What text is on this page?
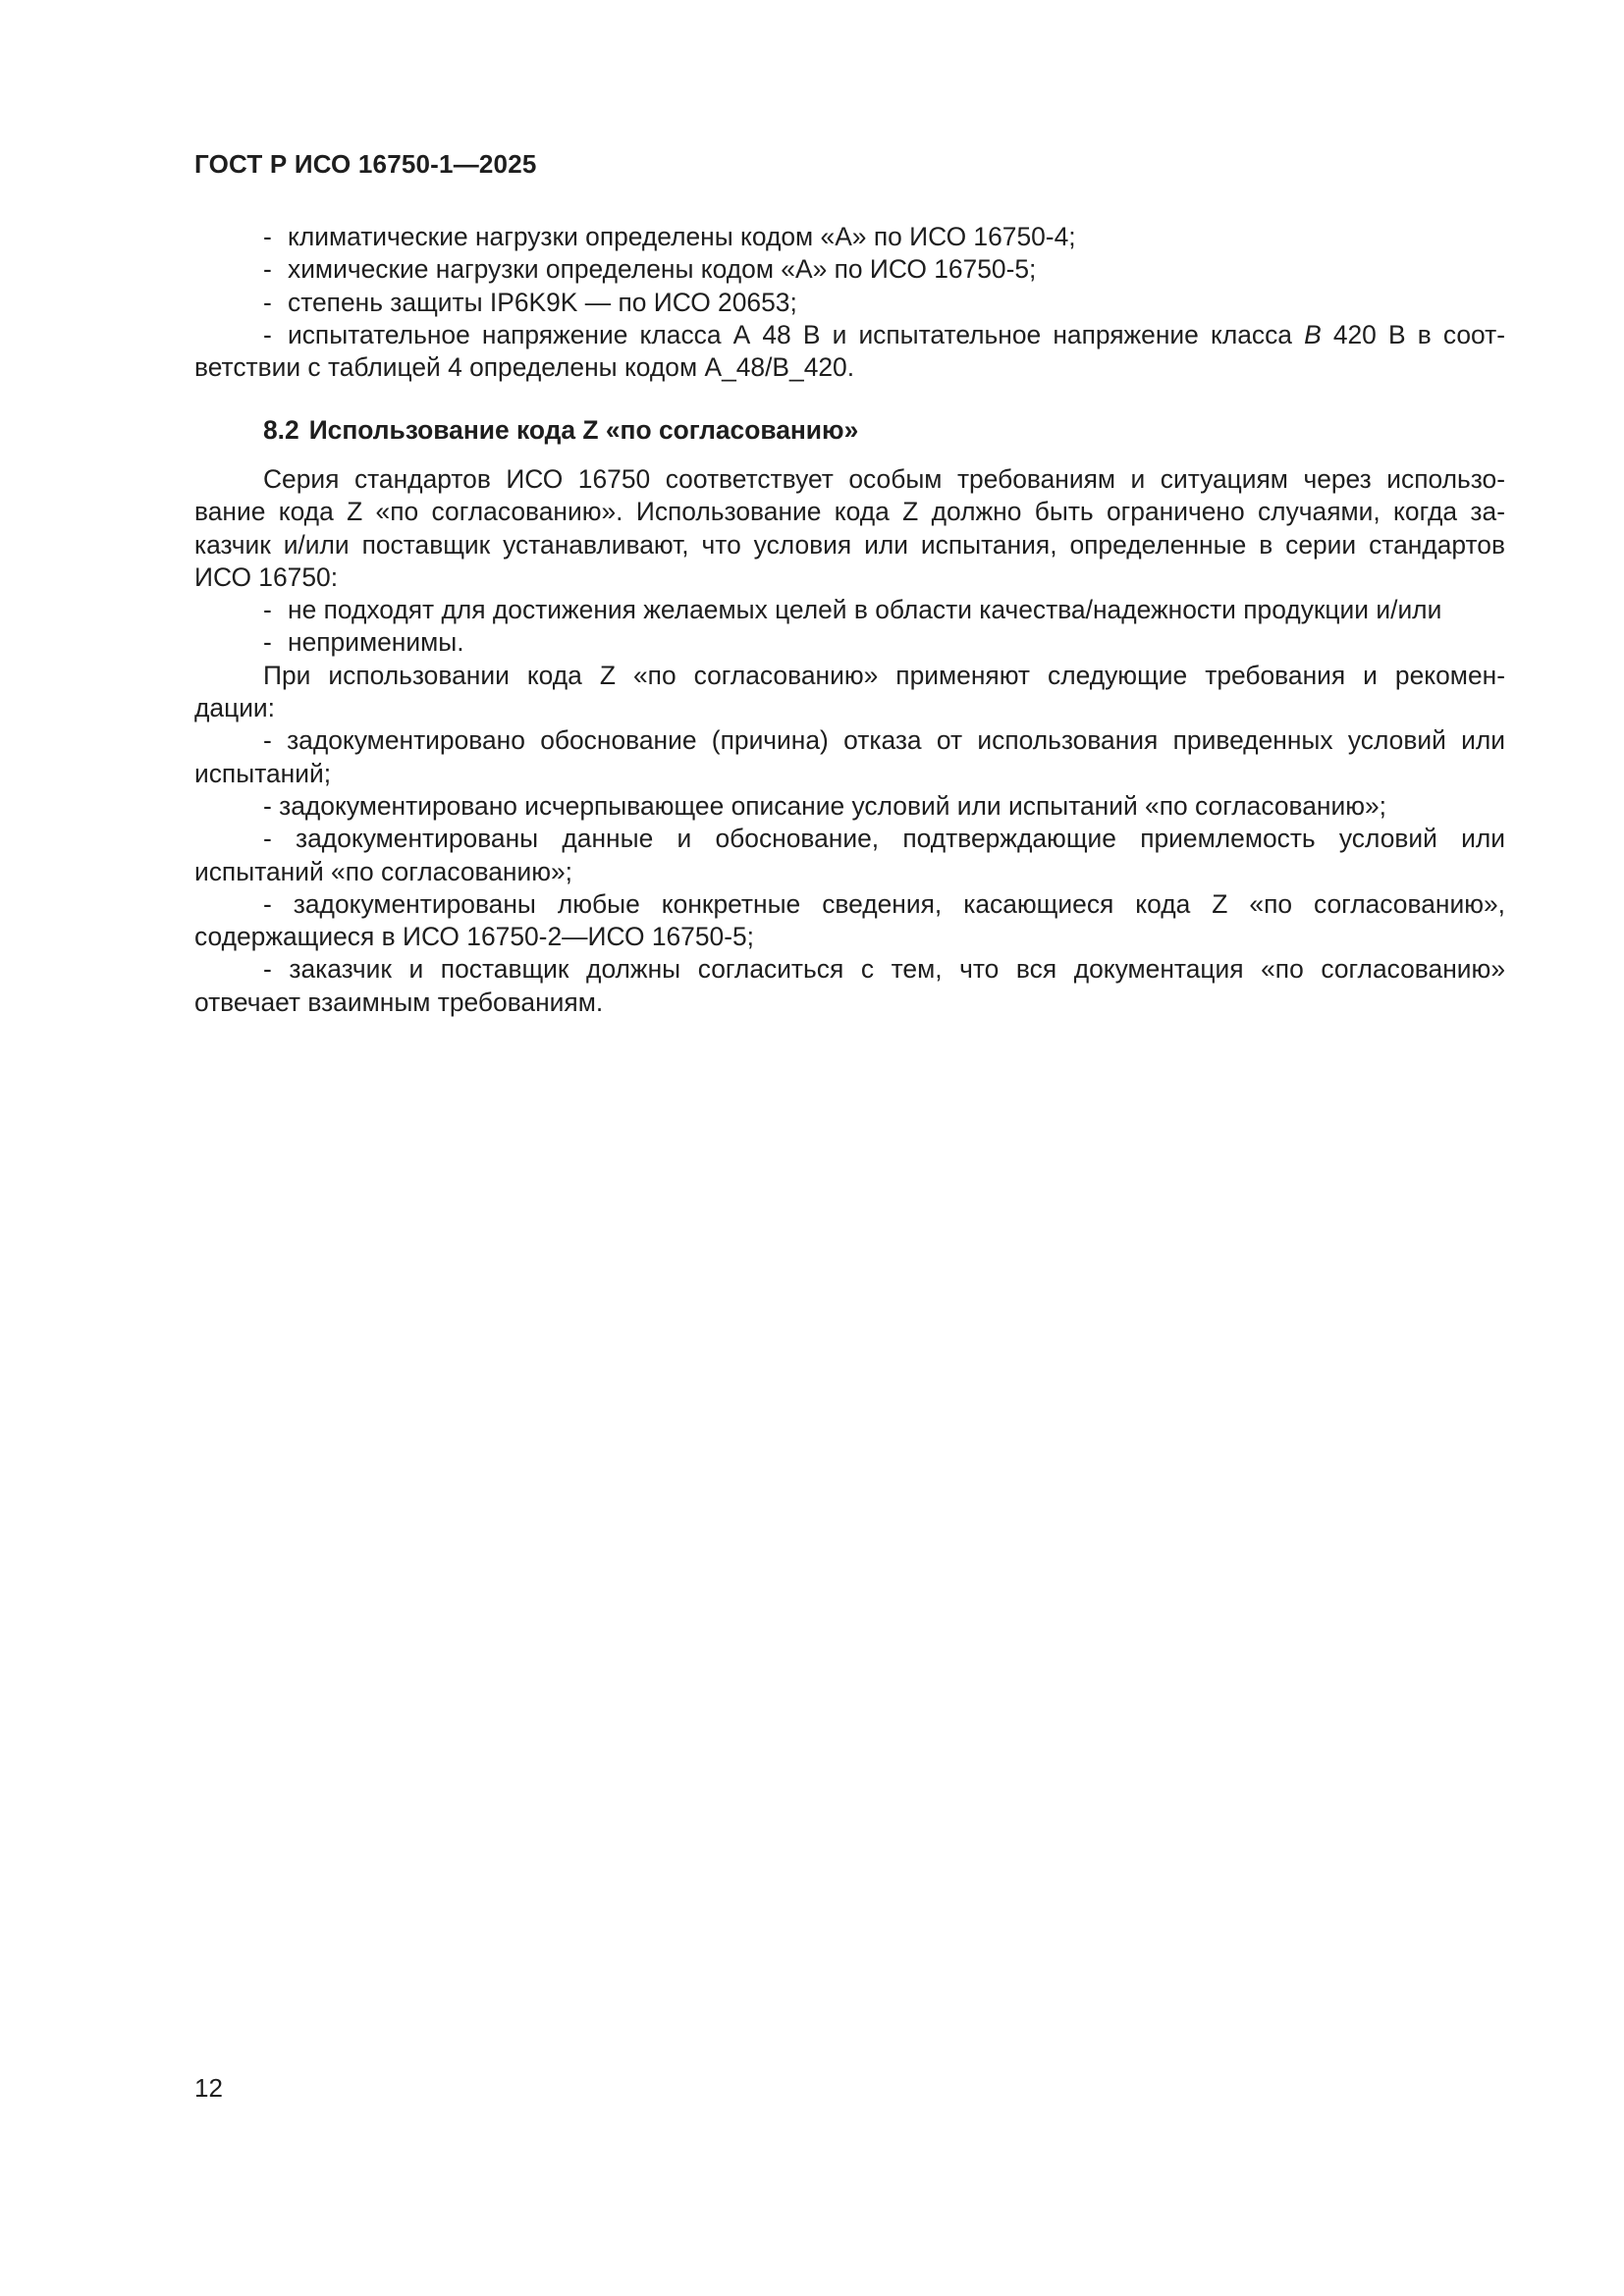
ГОСТ Р ИСО 16750-1—2025
- климатические нагрузки определены кодом «А» по ИСО 16750-4;
- химические нагрузки определены кодом «А» по ИСО 16750-5;
- степень защиты IP6K9K — по ИСО 20653;
- испытательное напряжение класса А 48 В и испытательное напряжение класса B 420 В в соот-
ветствии с таблицей 4 определены кодом A_48/B_420.
8.2 Использование кода Z «по согласованию»
Серия стандартов ИСО 16750 соответствует особым требованиям и ситуациям через использо-
вание кода Z «по согласованию». Использование кода Z должно быть ограничено случаями, когда за-
казчик и/или поставщик устанавливают, что условия или испытания, определенные в серии стандартов
ИСО 16750:
- не подходят для достижения желаемых целей в области качества/надежности продукции и/или
- неприменимы.
При использовании кода Z «по согласованию» применяют следующие требования и рекомен-
дации:
- задокументировано обоснование (причина) отказа от использования приведенных условий или
испытаний;
- задокументировано исчерпывающее описание условий или испытаний «по согласованию»;
- задокументированы данные и обоснование, подтверждающие приемлемость условий или
испытаний «по согласованию»;
- задокументированы любые конкретные сведения, касающиеся кода Z «по согласованию»,
содержащиеся в ИСО 16750-2—ИСО 16750-5;
- заказчик и поставщик должны согласиться с тем, что вся документация «по согласованию»
отвечает взаимным требованиям.
12
